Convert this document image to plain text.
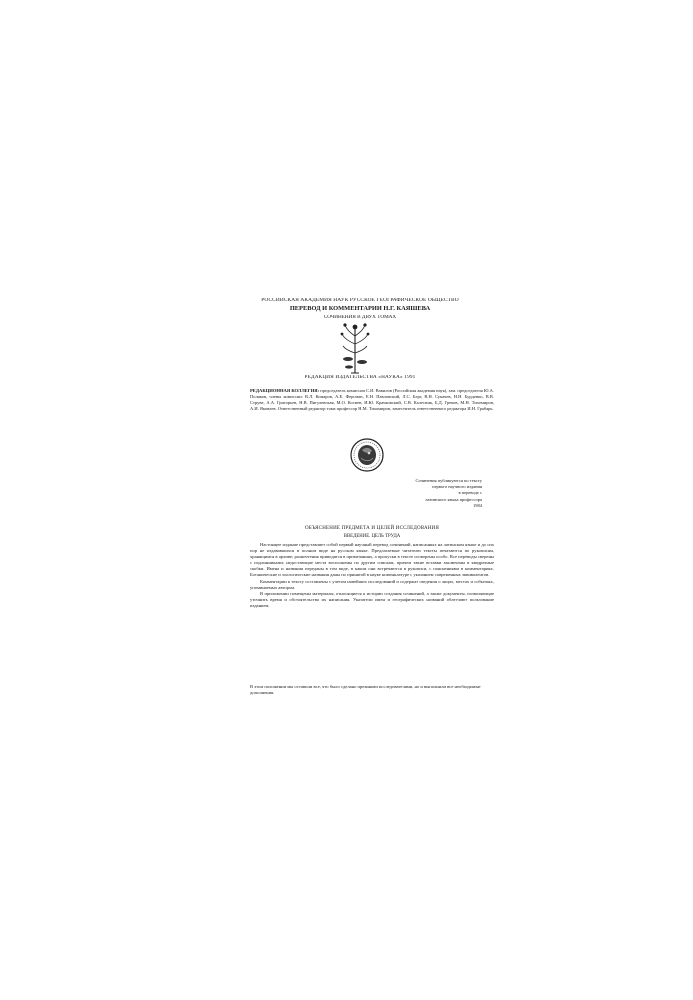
РОССИЙСКАЯ АКАДЕМИЯ НАУК РУССКОЕ ГЕОГРАФИЧЕСКОЕ ОБЩЕСТВО
ПЕРЕВОД И КОММЕНТАРИИ Н.Г. КАЯШЕВА
СОЧИНЕНИЯ В ДВУХ ТОМАХ
РЕДАКЦИЯ ИЗДАТЕЛЬСТВА «НАУКА» 1991
РЕДАКЦИОННАЯ КОЛЛЕГИЯ: председатель комиссии С.И. Вавилов (Российская академия наук), зам. председателя Ю.А. Поляков, члены комиссии: В.Л. Комаров, А.Е. Ферсман, Е.Н. Павловский, Л.С. Берг, В.Н. Сукачев, Н.Н. Бурденко, В.В. Струве, А.А. Григорьев, Н.В. Пигулевская, М.О. Косвен, И.Ю. Крачковский, С.В. Калесник, Б.Д. Греков, М.Н. Тихомиров, А.И. Яковлев. Ответственный редактор тома профессор Н.М. Тихомиров, заместитель ответственного редактора И.Н. Грабарь.
Сочинения публикуются по тексту
первого научного издания
в переводе с
латинского языка профессора
1984
ОБЪЯСНЕНИЕ ПРЕДМЕТА И ЦЕЛЕЙ ИССЛЕДОВАНИЯ
ВВЕДЕНИЕ. ЦЕЛЬ ТРУДА

Настоящее издание представляет собой первый научный перевод сочинений, написанных на латинском языке и до сих пор не издававшихся в полном виде на русском языке. Предлагаемые читателю тексты печатаются по рукописям, хранящимся в архиве; разночтения приводятся в примечаниях, а пропуски в тексте оговорены особо. Все переводы сверены с подлинниками; недостающие места восполнены по другим спискам, причем такие вставки заключены в квадратные скобки. Имена и названия переданы в том виде, в каком они встречаются в рукописи, с пояснениями в комментариях. Ботанические и зоологические названия даны по принятой в науке номенклатуре с указанием современных эквивалентов.

Комментарии к тексту составлены с учетом новейших исследований и содержат сведения о лицах, местах и событиях, упоминаемых автором.

В приложении помещены материалы, относящиеся к истории создания сочинений, а также документы, позволяющие уточнить время и обстоятельства их написания. Указатели имен и географических названий облегчают пользование изданием.

В этом положении мы оставили все, что было сделано прежними исследователями, но и выполнили все необходимые дополнения.
